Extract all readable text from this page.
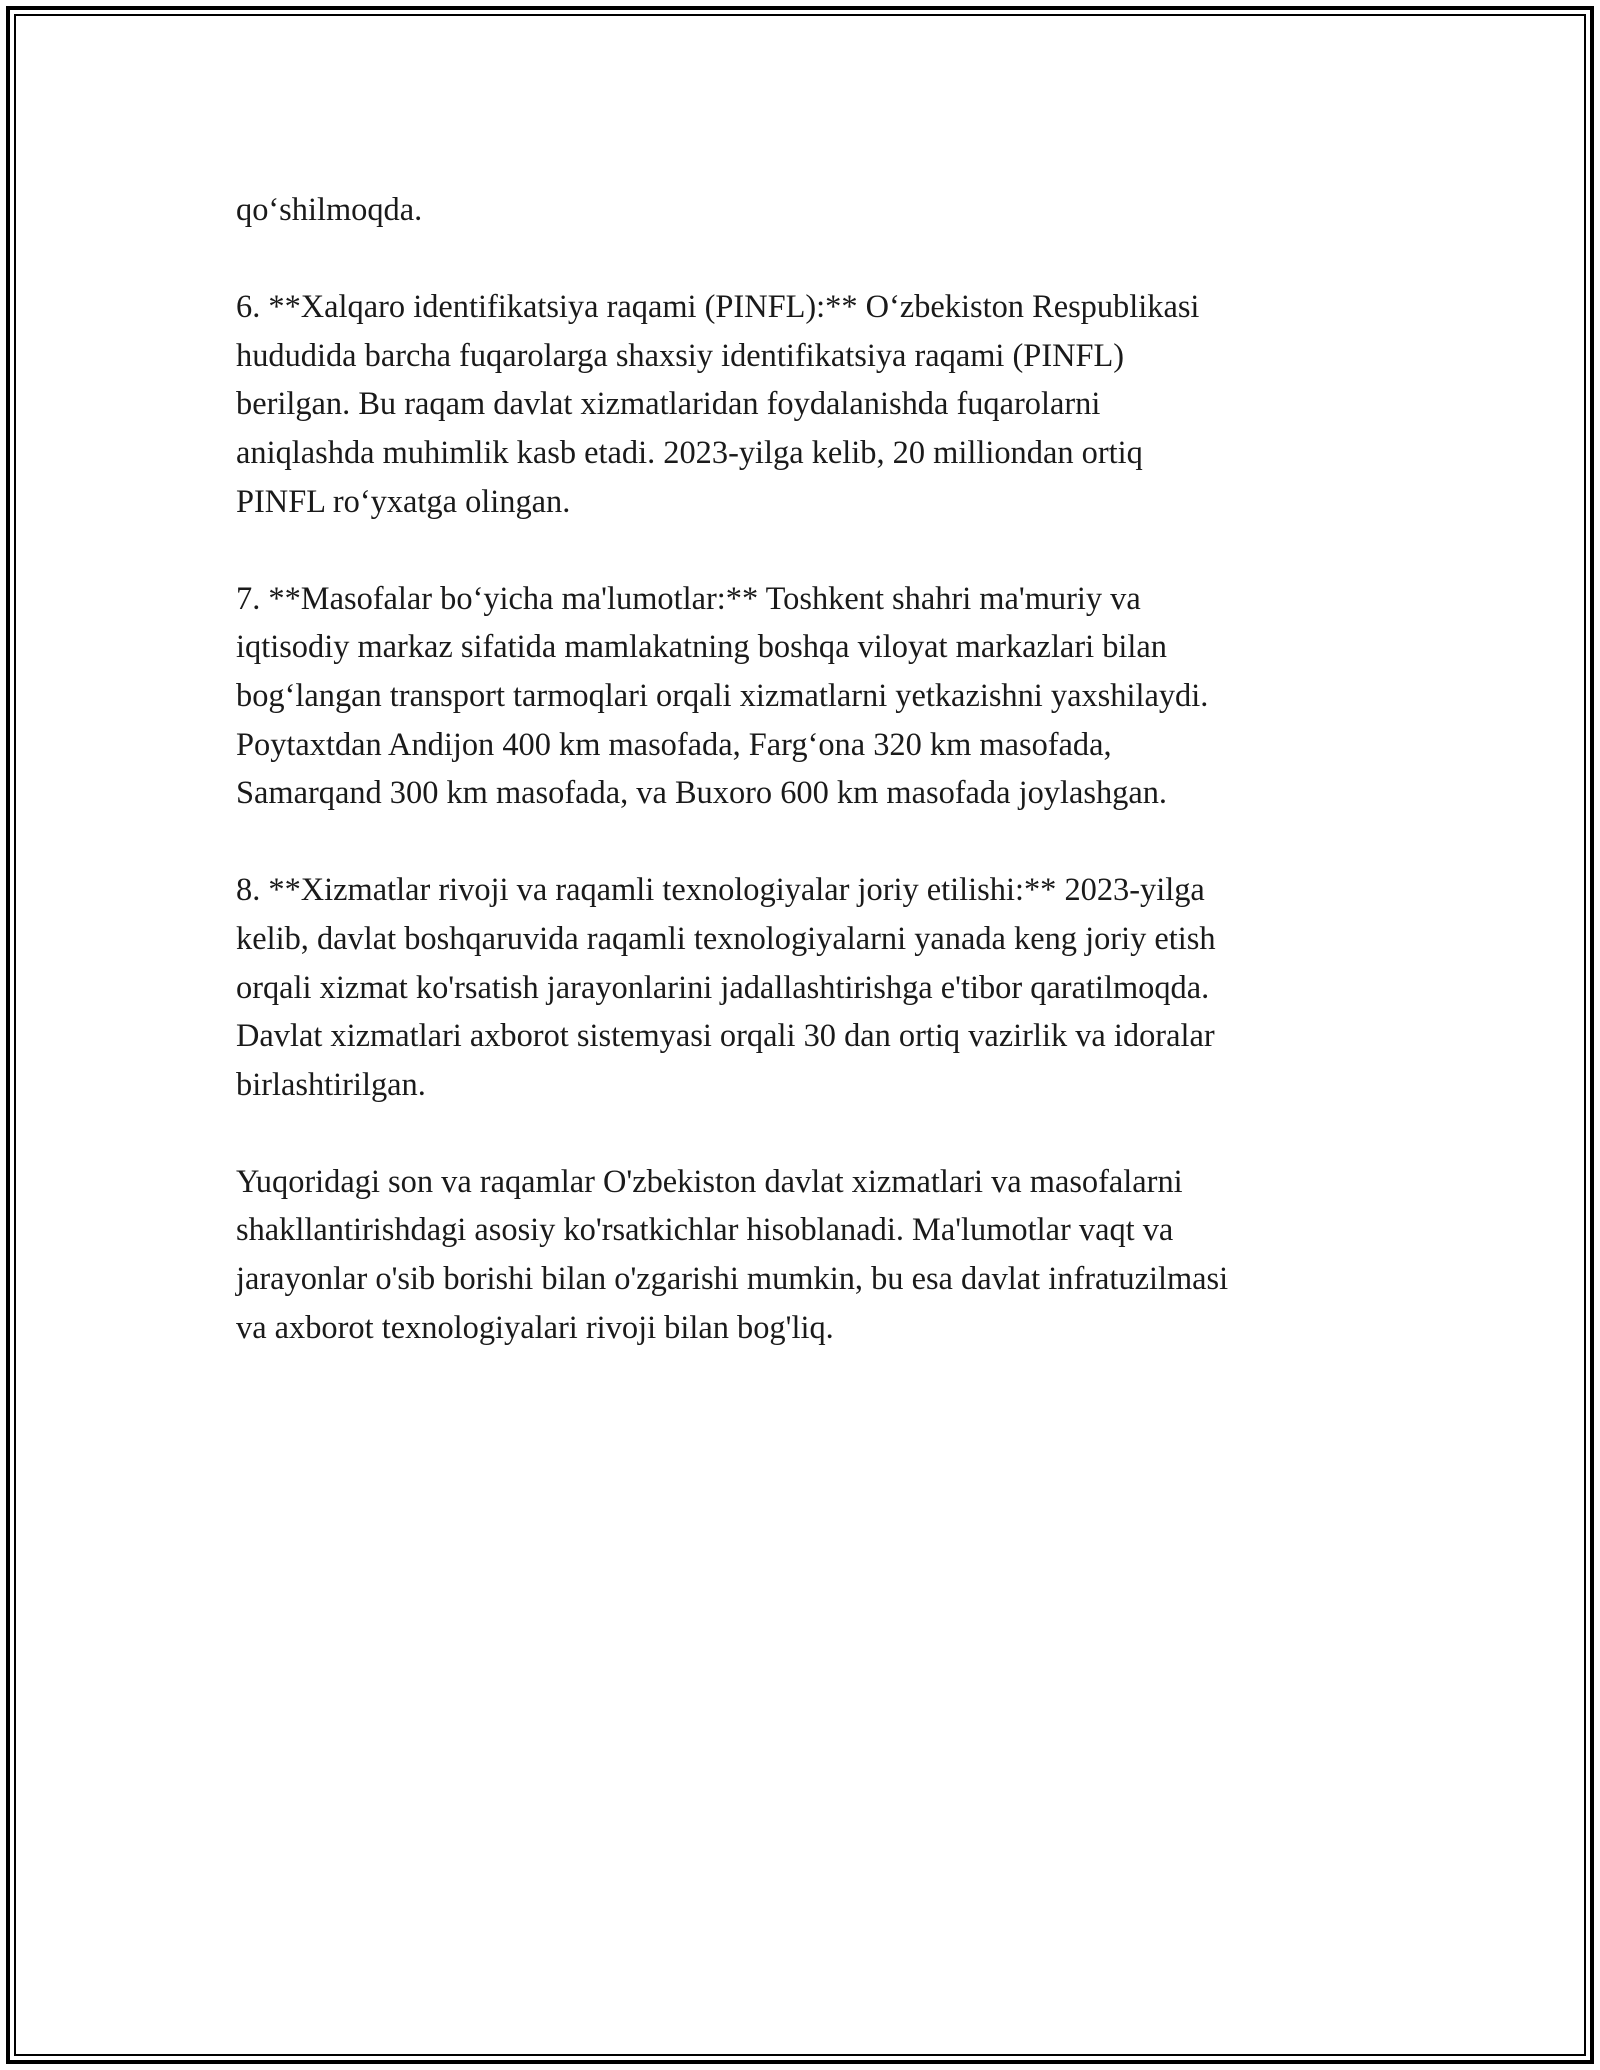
qo‘shilmoqda.

6. **Xalqaro identifikatsiya raqami (PINFL):** O‘zbekiston Respublikasi
hududida barcha fuqarolarga shaxsiy identifikatsiya raqami (PINFL)
berilgan. Bu raqam davlat xizmatlaridan foydalanishda fuqarolarni
aniqlashda muhimlik kasb etadi. 2023-yilga kelib, 20 milliondan ortiq
PINFL ro‘yxatga olingan.

7. **Masofalar bo‘yicha ma'lumotlar:** Toshkent shahri ma'muriy va
iqtisodiy markaz sifatida mamlakatning boshqa viloyat markazlari bilan
bog‘langan transport tarmoqlari orqali xizmatlarni yetkazishni yaxshilaydi.
Poytaxtdan Andijon 400 km masofada, Farg‘ona 320 km masofada,
Samarqand 300 km masofada, va Buxoro 600 km masofada joylashgan.

8. **Xizmatlar rivoji va raqamli texnologiyalar joriy etilishi:** 2023-yilga
kelib, davlat boshqaruvida raqamli texnologiyalarni yanada keng joriy etish
orqali xizmat ko'rsatish jarayonlarini jadallashtirishga e'tibor qaratilmoqda.
Davlat xizmatlari axborot sistemyasi orqali 30 dan ortiq vazirlik va idoralar
birlashtirilgan.

Yuqoridagi son va raqamlar O'zbekiston davlat xizmatlari va masofalarni
shakllantirishdagi asosiy ko'rsatkichlar hisoblanadi. Ma'lumotlar vaqt va
jarayonlar o'sib borishi bilan o'zgarishi mumkin, bu esa davlat infratuzilmasi
va axborot texnologiyalari rivoji bilan bog'liq.
